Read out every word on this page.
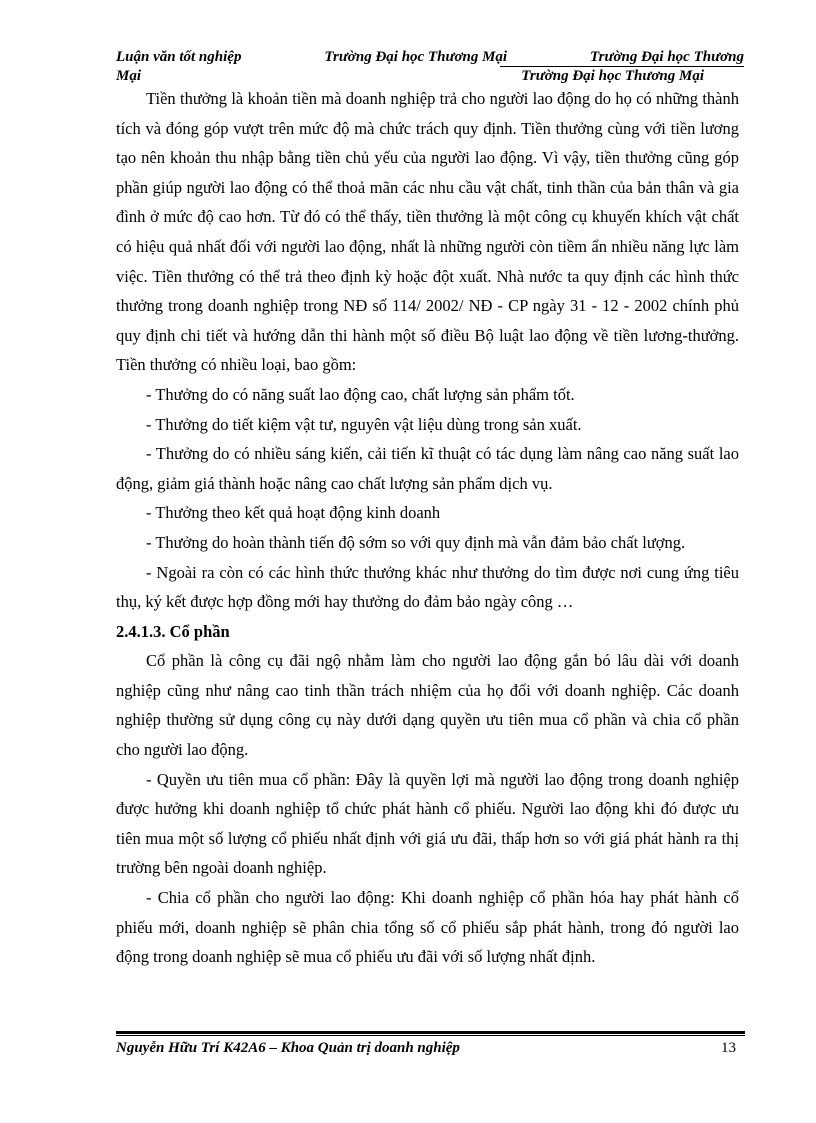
Luận văn tốt nghiệp	Trường Đại học Thương Mại	Trường Đại học Thương
Mại	Trường Đại học Thương Mại

Tiền thưởng là khoản tiền mà doanh nghiệp trả cho người lao động do họ có những thành tích và đóng góp vượt trên mức độ mà chức trách quy định. Tiền thưởng cùng với tiền lương tạo nên khoản thu nhập bằng tiền chủ yếu của người lao động. Vì vậy, tiền thưởng cũng góp phần giúp người lao động có thể thoả mãn các nhu cầu vật chất, tinh thần của bản thân và gia đình ở mức độ cao hơn. Từ đó có thể thấy, tiền thưởng là một công cụ khuyến khích vật chất có hiệu quả nhất đối với người lao động, nhất là những người còn tiềm ẩn nhiều năng lực làm việc. Tiền thưởng có thể trả theo định kỳ hoặc đột xuất. Nhà nước ta quy định các hình thức thưởng trong doanh nghiệp trong NĐ số 114/ 2002/ NĐ - CP ngày 31 - 12 - 2002 chính phủ quy định chi tiết và hướng dẫn thi hành một số điều Bộ luật lao động về tiền lương-thưởng. Tiền thưởng có nhiều loại, bao gồm:

- Thưởng do có năng suất lao động cao, chất lượng sản phẩm tốt.

- Thưởng do tiết kiệm vật tư, nguyên vật liệu dùng trong sản xuất.

- Thưởng do có nhiều sáng kiến, cải tiến kĩ thuật có tác dụng làm nâng cao năng suất lao động, giảm giá thành hoặc nâng cao chất lượng sản phẩm dịch vụ.

- Thưởng theo kết quả hoạt động kinh doanh

- Thưởng do hoàn thành tiến độ sớm so với quy định mà vẫn đảm bảo chất lượng.

- Ngoài ra còn có các hình thức thưởng khác như thưởng do tìm được nơi cung ứng tiêu thụ, ký kết được hợp đồng mới hay thưởng do đảm bảo ngày công …

2.4.1.3. Cổ phần

Cổ phần là công cụ đãi ngộ nhằm làm cho người lao động gắn bó lâu dài với doanh nghiệp cũng như nâng cao tinh thần trách nhiệm của họ đối với doanh nghiệp. Các doanh nghiệp thường sử dụng công cụ này dưới dạng quyền ưu tiên mua cổ phần và chia cổ phần cho người lao động.

- Quyền ưu tiên mua cổ phần: Đây là quyền lợi mà người lao động trong doanh nghiệp được hưởng khi doanh nghiệp tổ chức phát hành cổ phiếu. Người lao động khi đó được ưu tiên mua một số lượng cổ phiếu nhất định với giá ưu đãi, thấp hơn so với giá phát hành ra thị trường bên ngoài doanh nghiệp.

- Chia cổ phần cho người lao động: Khi doanh nghiệp cổ phần hóa hay phát hành cổ phiếu mới, doanh nghiệp sẽ phân chia tổng số cổ phiếu sắp phát hành, trong đó người lao động trong doanh nghiệp sẽ mua cổ phiếu ưu đãi với số lượng nhất định.

Nguyễn Hữu Trí K42A6 – Khoa Quản trị doanh nghiệp	13
